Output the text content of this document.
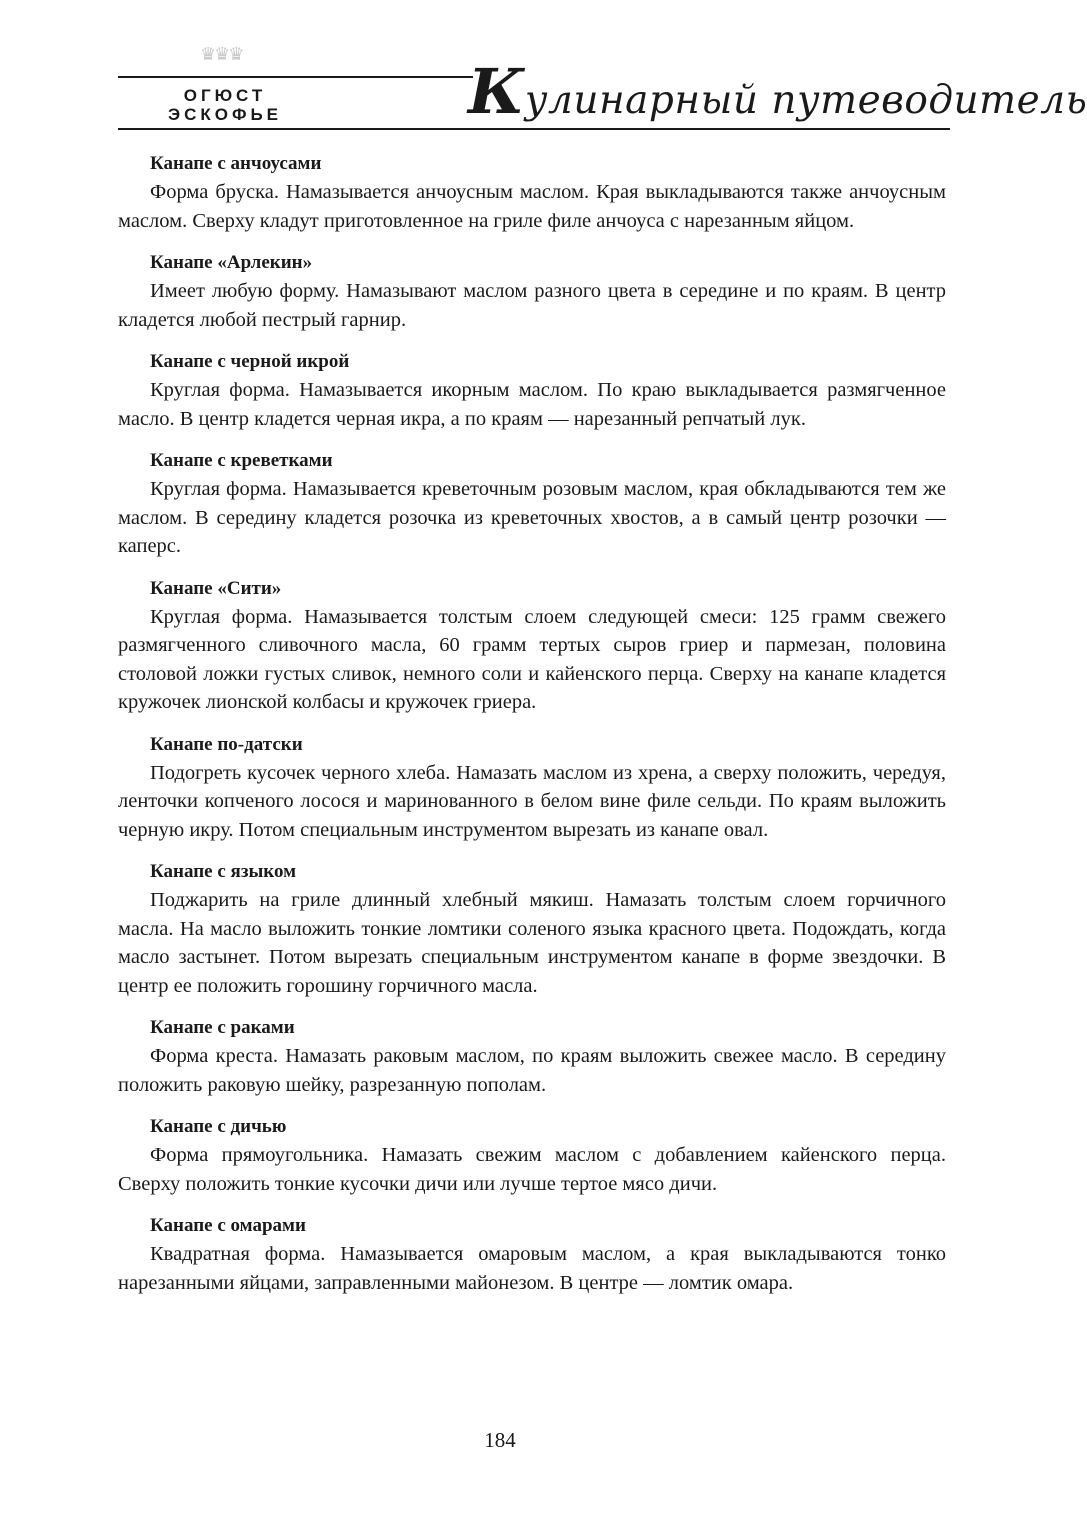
♛♛♛
ОГЮСТ
ЭСКОФЬЕ	Кулинарный путеводитель
Канапе с анчоусами

Форма бруска. Намазывается анчоусным маслом. Края выкладываются также анчоусным маслом. Сверху кладут приготовленное на гриле филе анчоуса с нарезанным яйцом.

Канапе «Арлекин»

Имеет любую форму. Намазывают маслом разного цвета в середине и по краям. В центр кладется любой пестрый гарнир.

Канапе с черной икрой

Круглая форма. Намазывается икорным маслом. По краю выкладывается размягченное масло. В центр кладется черная икра, а по краям — нарезанный репчатый лук.

Канапе с креветками

Круглая форма. Намазывается креветочным розовым маслом, края обкладываются тем же маслом. В середину кладется розочка из креветочных хвостов, а в самый центр розочки — каперс.

Канапе «Сити»

Круглая форма. Намазывается толстым слоем следующей смеси: 125 грамм свежего размягченного сливочного масла, 60 грамм тертых сыров гриер и пармезан, половина столовой ложки густых сливок, немного соли и кайенского перца. Сверху на канапе кладется кружочек лионской колбасы и кружочек гриера.

Канапе по-датски

Подогреть кусочек черного хлеба. Намазать маслом из хрена, а сверху положить, чередуя, ленточки копченого лосося и маринованного в белом вине филе сельди. По краям выложить черную икру. Потом специальным инструментом вырезать из канапе овал.

Канапе с языком

Поджарить на гриле длинный хлебный мякиш. Намазать толстым слоем горчичного масла. На масло выложить тонкие ломтики соленого языка красного цвета. Подождать, когда масло застынет. Потом вырезать специальным инструментом канапе в форме звездочки. В центр ее положить горошину горчичного масла.

Канапе с раками

Форма креста. Намазать раковым маслом, по краям выложить свежее масло. В середину положить раковую шейку, разрезанную пополам.

Канапе с дичью

Форма прямоугольника. Намазать свежим маслом с добавлением кайенского перца. Сверху положить тонкие кусочки дичи или лучше тертое мясо дичи.

Канапе с омарами

Квадратная форма. Намазывается омаровым маслом, а края выкладываются тонко нарезанными яйцами, заправленными майонезом. В центре — ломтик омара.

184
